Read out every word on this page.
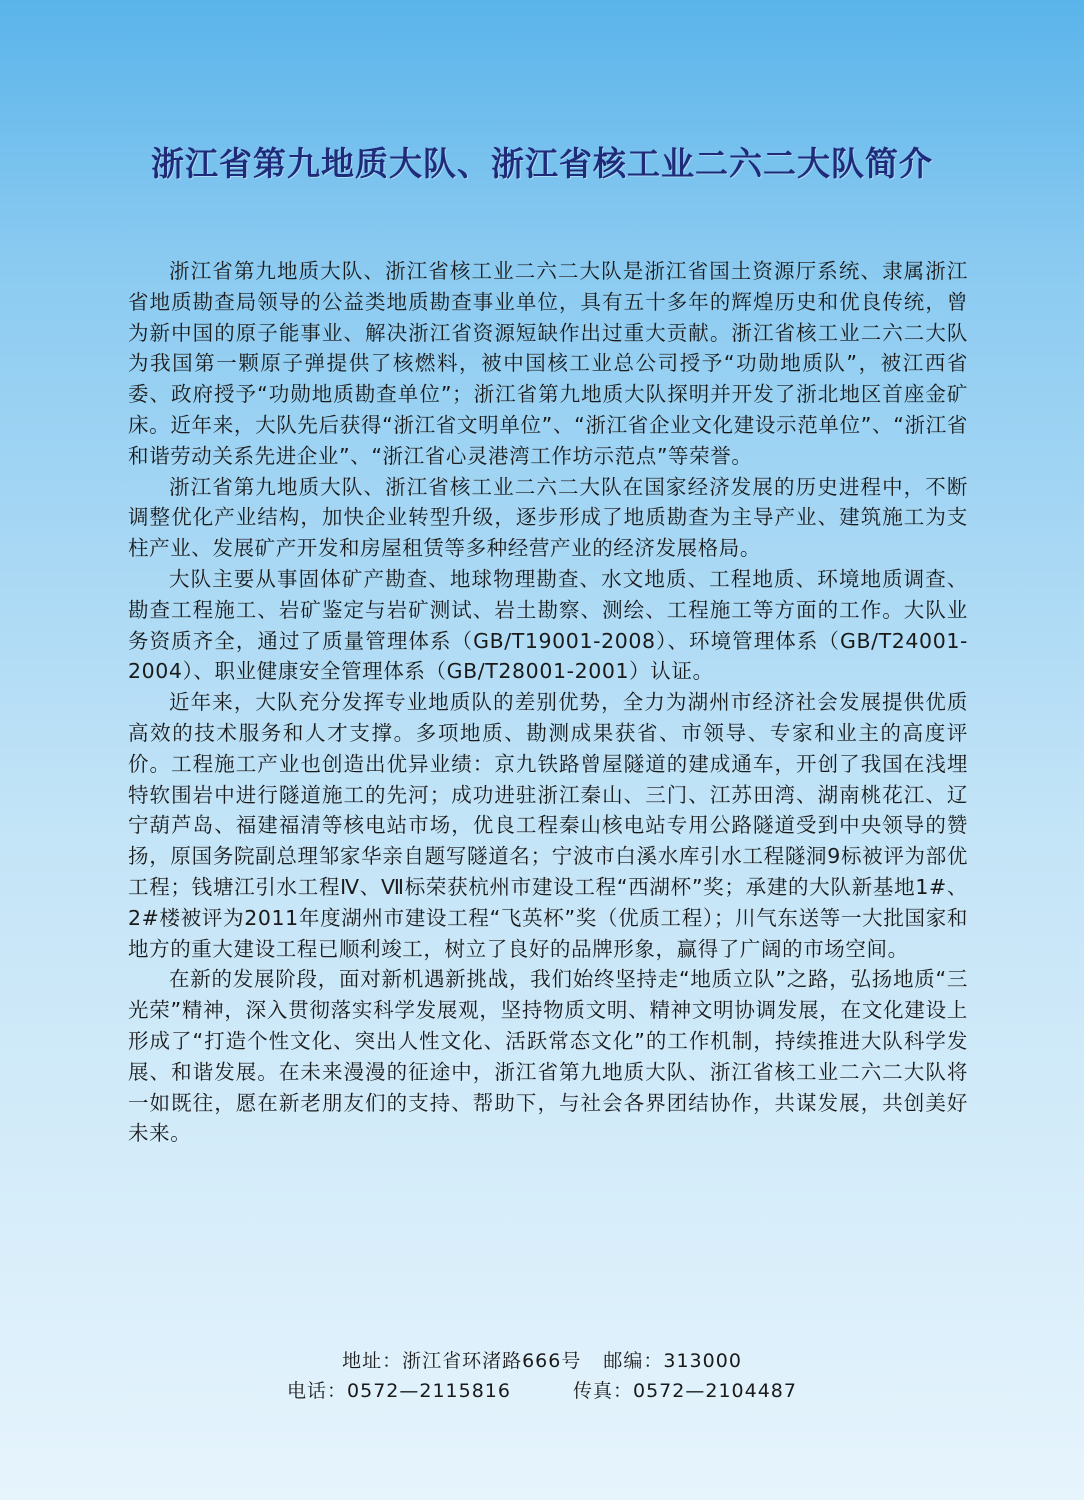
浙江省第九地质大队、浙江省核工业二六二大队简介

浙江省第九地质大队、浙江省核工业二六二大队是浙江省国土资源厅系统、隶属浙江省地质勘查局领导的公益类地质勘查事业单位，具有五十多年的辉煌历史和优良传统，曾为新中国的原子能事业、解决浙江省资源短缺作出过重大贡献。浙江省核工业二六二大队为我国第一颗原子弹提供了核燃料，被中国核工业总公司授予“功勋地质队”，被江西省委、政府授予“功勋地质勘查单位”；浙江省第九地质大队探明并开发了浙北地区首座金矿床。近年来，大队先后获得“浙江省文明单位”、“浙江省企业文化建设示范单位”、“浙江省和谐劳动关系先进企业”、“浙江省心灵港湾工作坊示范点”等荣誉。

浙江省第九地质大队、浙江省核工业二六二大队在国家经济发展的历史进程中，不断调整优化产业结构，加快企业转型升级，逐步形成了地质勘查为主导产业、建筑施工为支柱产业、发展矿产开发和房屋租赁等多种经营产业的经济发展格局。

大队主要从事固体矿产勘查、地球物理勘查、水文地质、工程地质、环境地质调查、勘查工程施工、岩矿鉴定与岩矿测试、岩土勘察、测绘、工程施工等方面的工作。大队业务资质齐全，通过了质量管理体系（GB/T19001-2008）、环境管理体系（GB/T24001-2004）、职业健康安全管理体系（GB/T28001-2001）认证。

近年来，大队充分发挥专业地质队的差别优势，全力为湖州市经济社会发展提供优质高效的技术服务和人才支撑。多项地质、勘测成果获省、市领导、专家和业主的高度评价。工程施工产业也创造出优异业绩：京九铁路曾屋隧道的建成通车，开创了我国在浅埋特软围岩中进行隧道施工的先河；成功进驻浙江秦山、三门、江苏田湾、湖南桃花江、辽宁葫芦岛、福建福清等核电站市场，优良工程秦山核电站专用公路隧道受到中央领导的赞扬，原国务院副总理邹家华亲自题写隧道名；宁波市白溪水库引水工程隧洞9标被评为部优工程；钱塘江引水工程Ⅳ、Ⅶ标荣获杭州市建设工程“西湖杯”奖；承建的大队新基地1#、2#楼被评为2011年度湖州市建设工程“飞英杯”奖（优质工程）；川气东送等一大批国家和地方的重大建设工程已顺利竣工，树立了良好的品牌形象，赢得了广阔的市场空间。

在新的发展阶段，面对新机遇新挑战，我们始终坚持走“地质立队”之路，弘扬地质“三光荣”精神，深入贯彻落实科学发展观，坚持物质文明、精神文明协调发展，在文化建设上形成了“打造个性文化、突出人性文化、活跃常态文化”的工作机制，持续推进大队科学发展、和谐发展。在未来漫漫的征途中，浙江省第九地质大队、浙江省核工业二六二大队将一如既往，愿在新老朋友们的支持、帮助下，与社会各界团结协作，共谋发展，共创美好未来。

地址：浙江省环渚路666号 邮编：313000
电话：0572—2115816	传真：0572—2104487
